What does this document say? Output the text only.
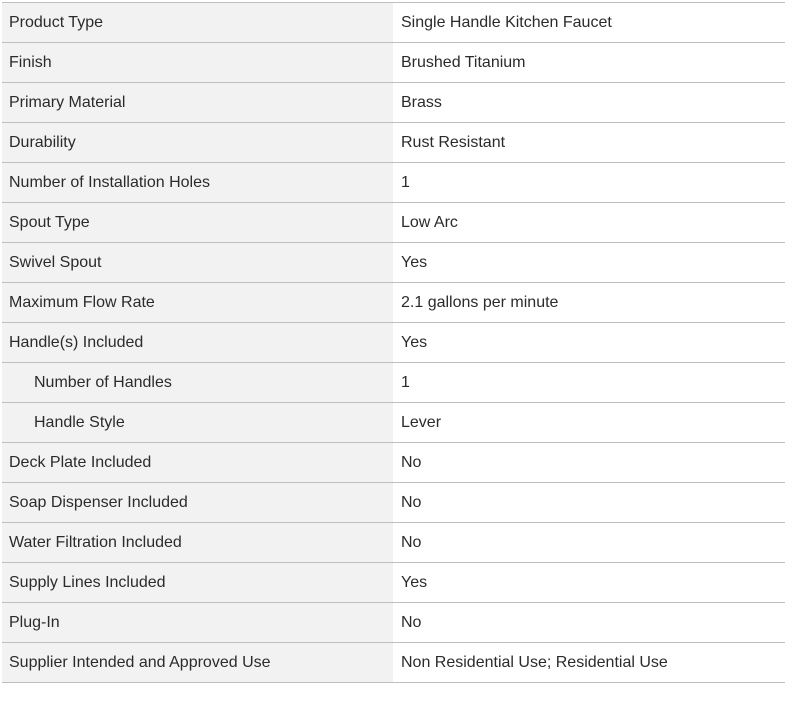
Product Type	Single Handle Kitchen Faucet
Finish	Brushed Titanium
Primary Material	Brass
Durability	Rust Resistant
Number of Installation Holes	1
Spout Type	Low Arc
Swivel Spout	Yes
Maximum Flow Rate	2.1 gallons per minute
Handle(s) Included	Yes
Number of Handles	1
Handle Style	Lever
Deck Plate Included	No
Soap Dispenser Included	No
Water Filtration Included	No
Supply Lines Included	Yes
Plug-In	No
Supplier Intended and Approved Use	Non Residential Use; Residential Use
